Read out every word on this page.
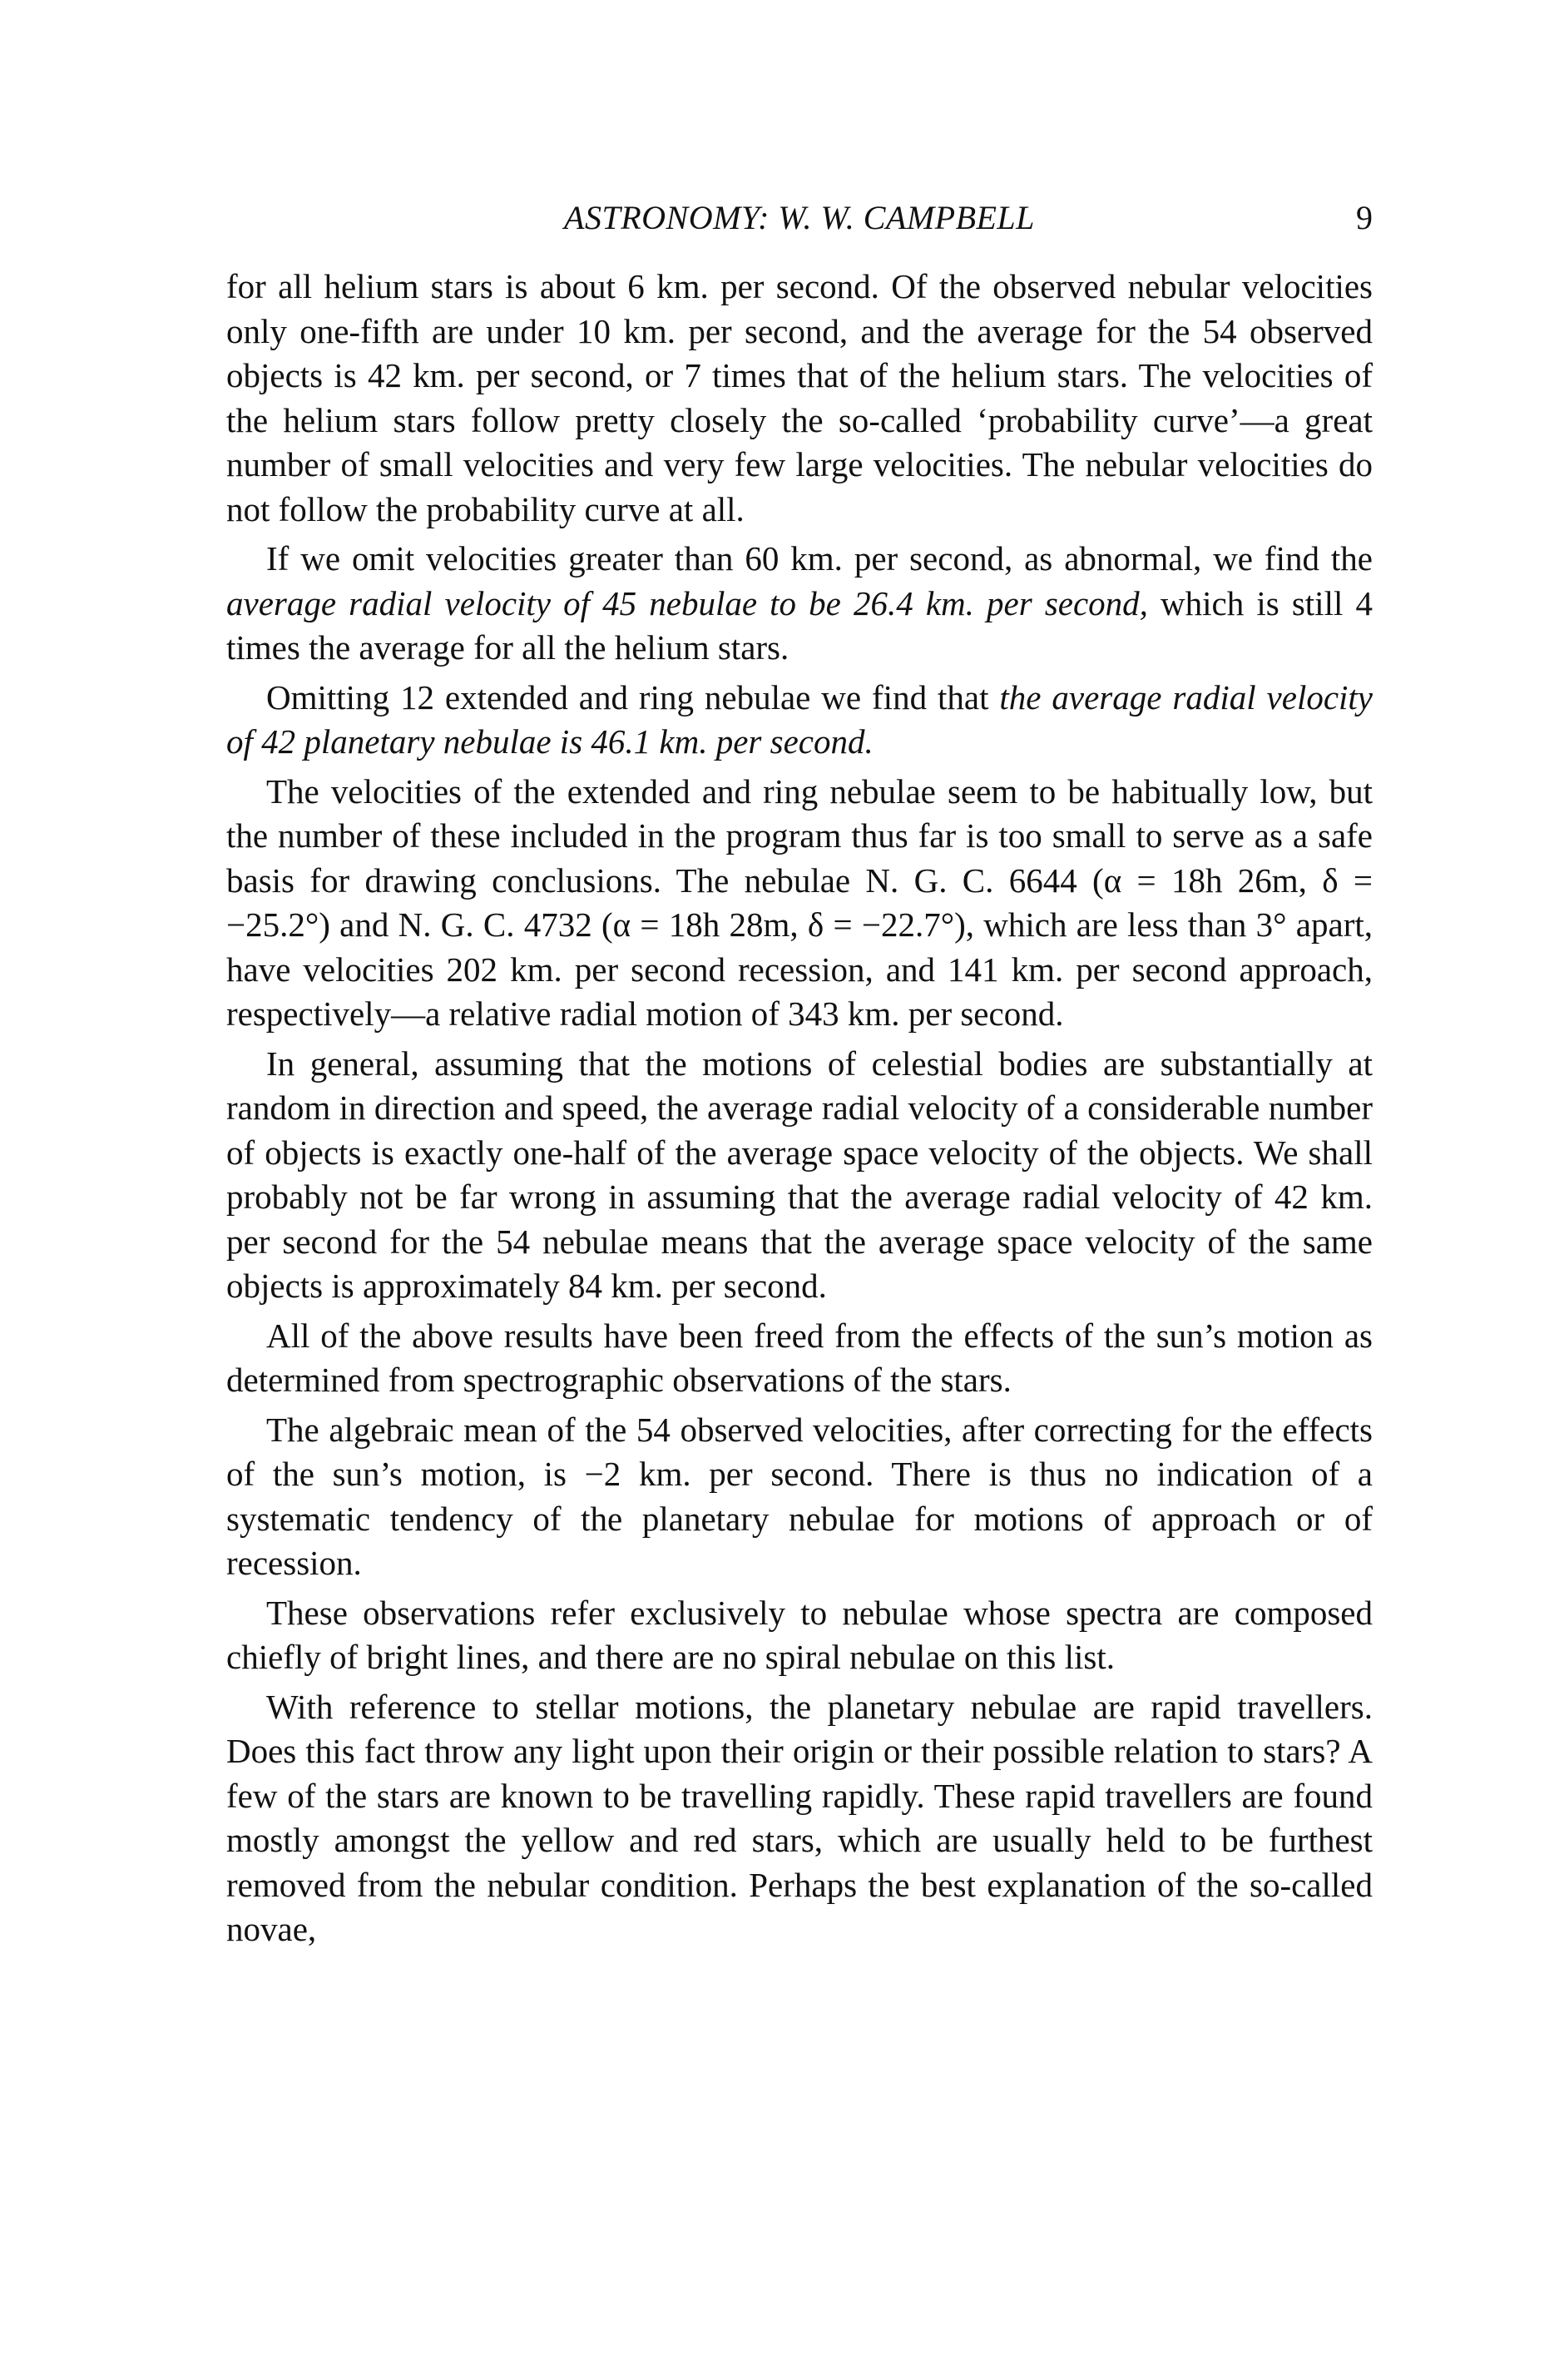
ASTRONOMY: W. W. CAMPBELL	9

for all helium stars is about 6 km. per second. Of the observed nebular velocities only one-fifth are under 10 km. per second, and the average for the 54 observed objects is 42 km. per second, or 7 times that of the helium stars. The velocities of the helium stars follow pretty closely the so-called ‘probability curve’—a great number of small velocities and very few large velocities. The nebular velocities do not follow the probability curve at all.

If we omit velocities greater than 60 km. per second, as abnormal, we find the average radial velocity of 45 nebulae to be 26.4 km. per second, which is still 4 times the average for all the helium stars.

Omitting 12 extended and ring nebulae we find that the average radial velocity of 42 planetary nebulae is 46.1 km. per second.

The velocities of the extended and ring nebulae seem to be habitually low, but the number of these included in the program thus far is too small to serve as a safe basis for drawing conclusions. The nebulae N. G. C. 6644 (α = 18h 26m, δ = −25.2°) and N. G. C. 4732 (α = 18h 28m, δ = −22.7°), which are less than 3° apart, have velocities 202 km. per second recession, and 141 km. per second approach, respectively—a relative radial motion of 343 km. per second.

In general, assuming that the motions of celestial bodies are substantially at random in direction and speed, the average radial velocity of a considerable number of objects is exactly one-half of the average space velocity of the objects. We shall probably not be far wrong in assuming that the average radial velocity of 42 km. per second for the 54 nebulae means that the average space velocity of the same objects is approximately 84 km. per second.

All of the above results have been freed from the effects of the sun’s motion as determined from spectrographic observations of the stars.

The algebraic mean of the 54 observed velocities, after correcting for the effects of the sun’s motion, is −2 km. per second. There is thus no indication of a systematic tendency of the planetary nebulae for motions of approach or of recession.

These observations refer exclusively to nebulae whose spectra are composed chiefly of bright lines, and there are no spiral nebulae on this list.

With reference to stellar motions, the planetary nebulae are rapid travellers. Does this fact throw any light upon their origin or their possible relation to stars? A few of the stars are known to be travelling rapidly. These rapid travellers are found mostly amongst the yellow and red stars, which are usually held to be furthest removed from the nebular condition. Perhaps the best explanation of the so-called novae,
